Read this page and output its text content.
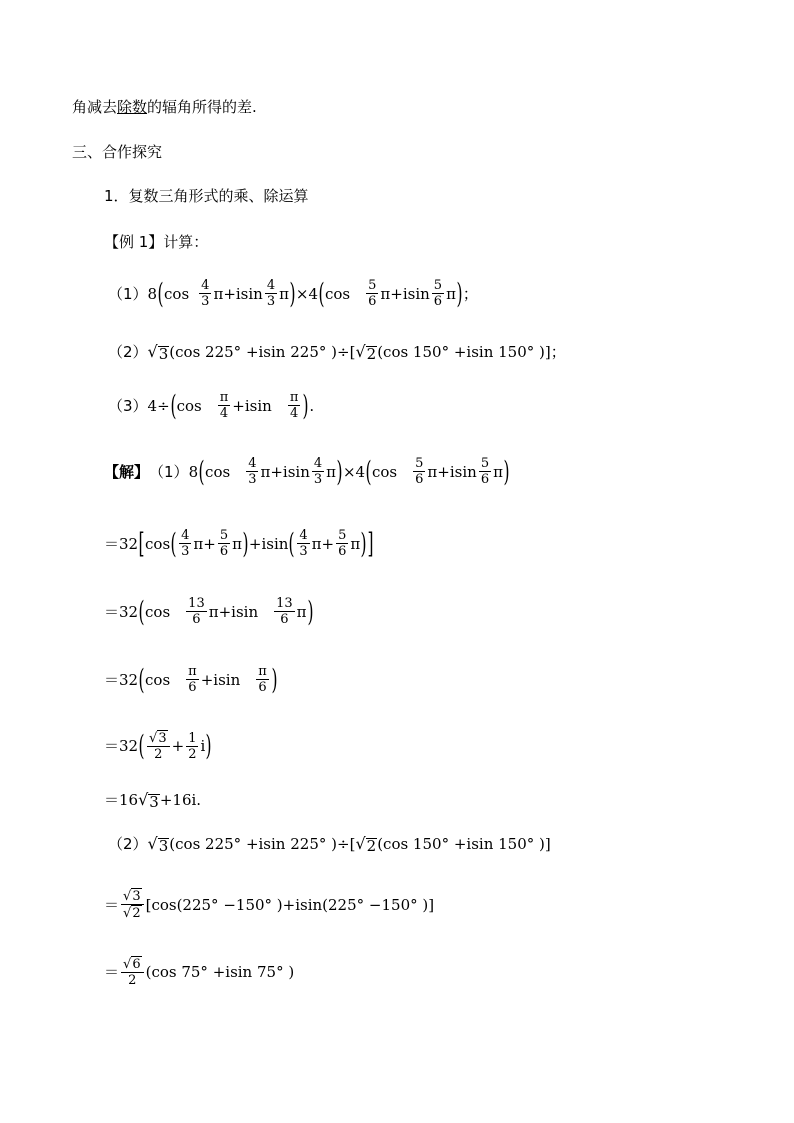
角减去除数的辐角所得的差.
三、合作探究
1．复数三角形式的乘、除运算
【例 1】计算：
（1） 8 ( $\cos \frac{4}{3}$ $\pi +isin \frac{4}{3}$ π ) ×4 ( $\cos \frac{5}{6}$ $\pi +isin \frac{5}{6}$ π ) ；
（2） √ 3 (cos 225° +isin 225° ) ÷ [ √ 2 (cos 150° +isin 150° ) ] ；
（3） 4 ÷ ( $\cos \frac{\pi}{4} +isin \frac{\pi}{4}$ ) .
【解】 （1） 8 ( $\cos \frac{4}{3}$ $\pi +isin \frac{4}{3}$ π ) ×4 ( $\cos \frac{5}{6}$ $\pi +isin \frac{5}{6}$ π )
＝32 [ cos ( $\frac{4}{3}$ $\pi + \frac{5}{6}$ π ) +isin ( $\frac{4}{3}$ $\pi + \frac{5}{6}$ π ) ]
＝32 ( $\cos \frac{13}{6}$ $\pi +isin \frac{13}{6}$ π )
＝32 ( $\cos \frac{\pi}{6} +isin \frac{\pi}{6}$ )
＝32 ( $\frac{√ 3}{2} + \frac{1}{2}$ i )
＝16 √ 3 +16i.
（2） √ 3 (cos 225° +isin 225° ) ÷ [ √ 2 (cos 150° +isin 150° ) ]
＝ $\frac{√ 3}{√ 2} [\cos(225^\circ -150^\circ$ )+isin(225° −150° )]
＝ $\frac{√ 6}{2} (\cos$ 75° +isin 75° )
